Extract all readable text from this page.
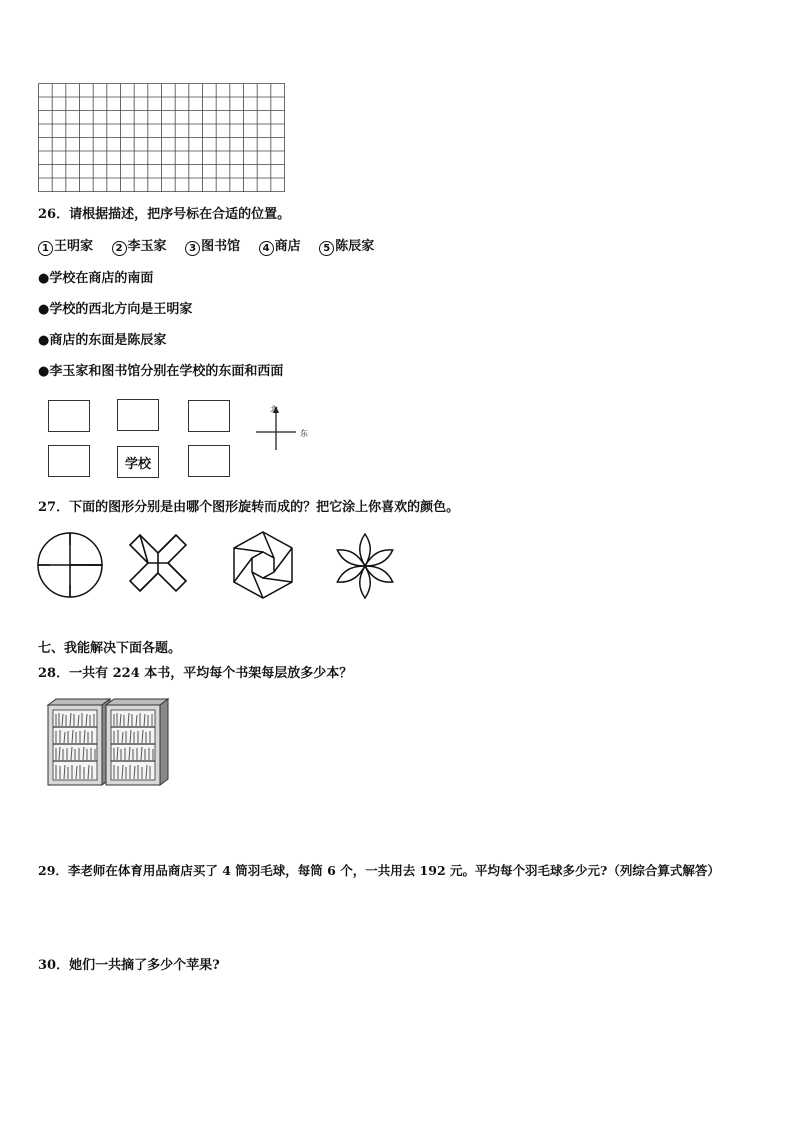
26．请根据描述，把序号标在合适的位置。
1 王明家 2 李玉家 3 图书馆 4 商店 5 陈辰家
●学校在商店的南面
●学校的西北方向是王明家
●商店的东面是陈辰家
●李玉家和图书馆分别在学校的东面和西面
学校
北
东
27．下面的图形分别是由哪个图形旋转而成的？把它涂上你喜欢的颜色。
七、我能解决下面各题。
28．一共有 224 本书，平均每个书架每层放多少本？
29．李老师在体育用品商店买了 4 筒羽毛球，每筒 6 个，一共用去 192 元。平均每个羽毛球多少元?（列综合算式解答）
30．她们一共摘了多少个苹果?
